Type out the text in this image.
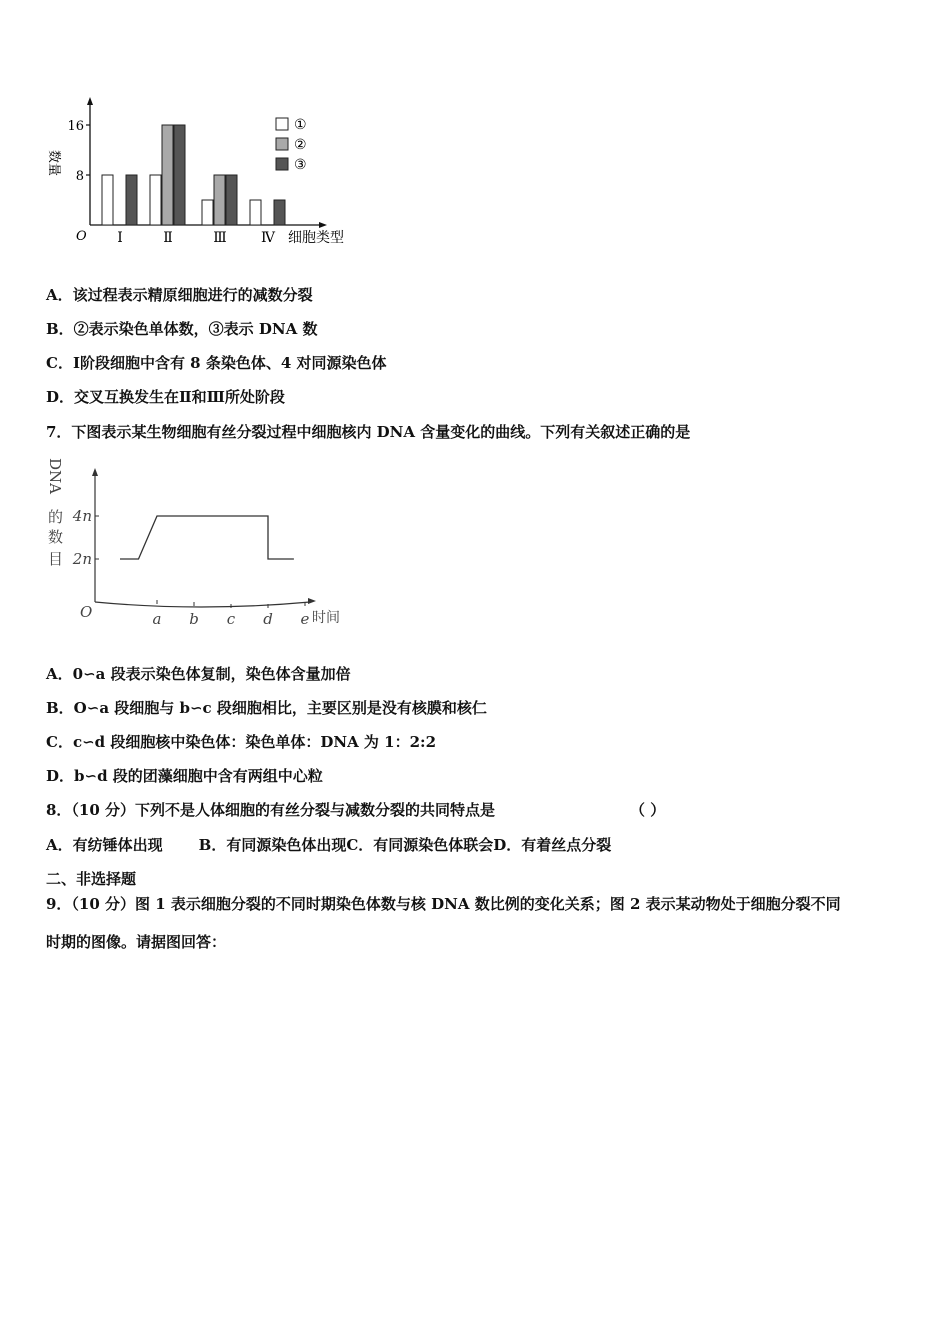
O
数量
细胞类型
8
16
Ⅰ	Ⅱ	Ⅲ Ⅳ
①
②
③
DNA
的
数
目
O	时间
2n
4n
a b c d e
A．该过程表示精原细胞进行的减数分裂
B．②表示染色单体数，③表示 DNA 数
C．Ⅰ阶段细胞中含有 8 条染色体、4 对同源染色体
D．交叉互换发生在Ⅱ和Ⅲ所处阶段
7．下图表示某生物细胞有丝分裂过程中细胞核内 DNA 含量变化的曲线。下列有关叙述正确的是
A．0∽a 段表示染色体复制，染色体含量加倍
B．O∽a 段细胞与 b∽c 段细胞相比，主要区别是没有核膜和核仁
C．c∽d 段细胞核中染色体：染色单体：DNA 为 1：2:2
D．b∽d 段的团藻细胞中含有两组中心粒
8．（10 分）下列不是人体细胞的有丝分裂与减数分裂的共同特点是	（ ）
A．有纺锤体出现 B．有同源染色体出现C．有同源染色体联会D．有着丝点分裂
二、非选择题
9．（10 分）图 1 表示细胞分裂的不同时期染色体数与核 DNA 数比例的变化关系；图 2 表示某动物处于细胞分裂不同
时期的图像。请据图回答：
